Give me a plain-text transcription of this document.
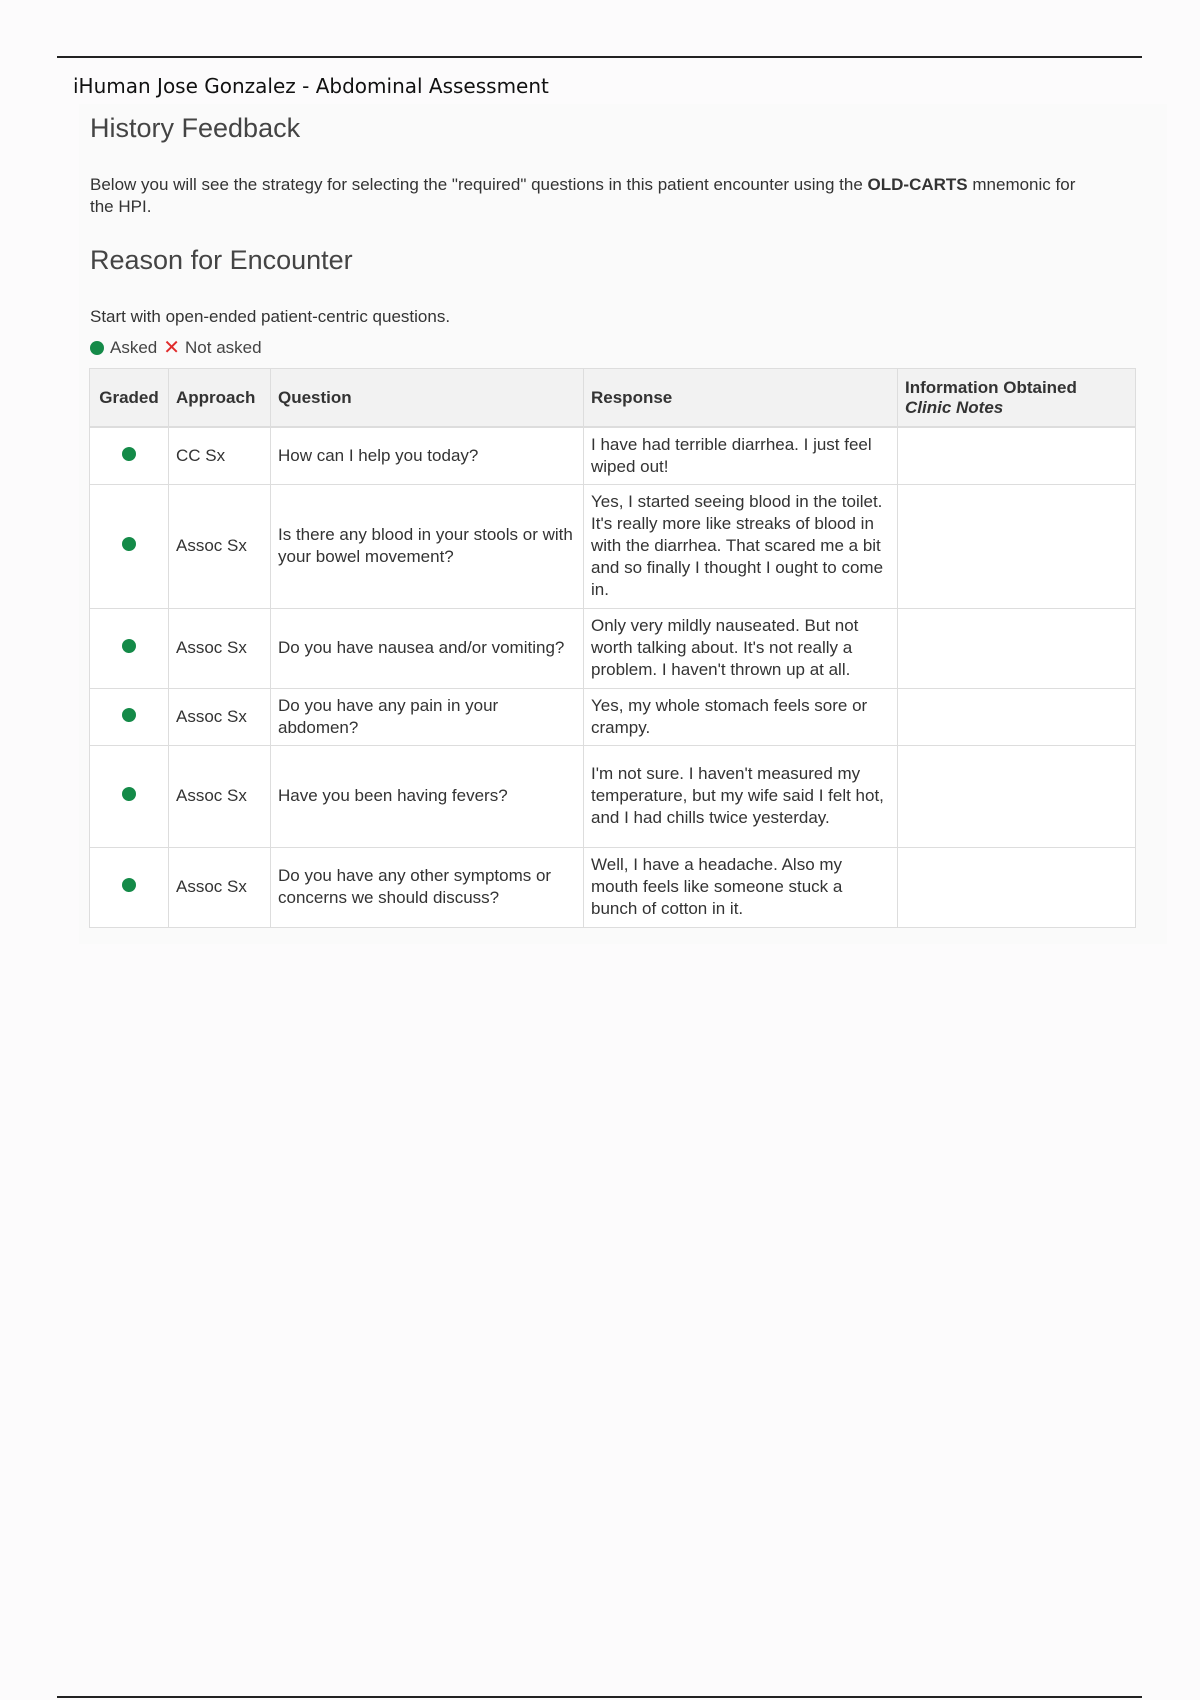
iHuman Jose Gonzalez - Abdominal Assessment
History Feedback

Below you will see the strategy for selecting the "required" questions in this patient encounter using the OLD-CARTS mnemonic for the HPI.

Reason for Encounter

Start with open-ended patient-centric questions.

Asked ✕ Not asked
Graded	Approach	Question	Response	Information Obtained
Clinic Notes

	CC Sx	How can I help you today?	I have had terrible diarrhea. I just feel wiped out!	
	Assoc Sx	Is there any blood in your stools or with your bowel movement?	Yes, I started seeing blood in the toilet. It's really more like streaks of blood in with the diarrhea. That scared me a bit and so finally I thought I ought to come in.	
	Assoc Sx	Do you have nausea and/or vomiting?	Only very mildly nauseated. But not worth talking about. It's not really a problem. I haven't thrown up at all.	
	Assoc Sx	Do you have any pain in your abdomen?	Yes, my whole stomach feels sore or crampy.	
	Assoc Sx	Have you been having fevers?	I'm not sure. I haven't measured my temperature, but my wife said I felt hot, and I had chills twice yesterday.	
	Assoc Sx	Do you have any other symptoms or concerns we should discuss?	Well, I have a headache. Also my mouth feels like someone stuck a bunch of cotton in it.	
